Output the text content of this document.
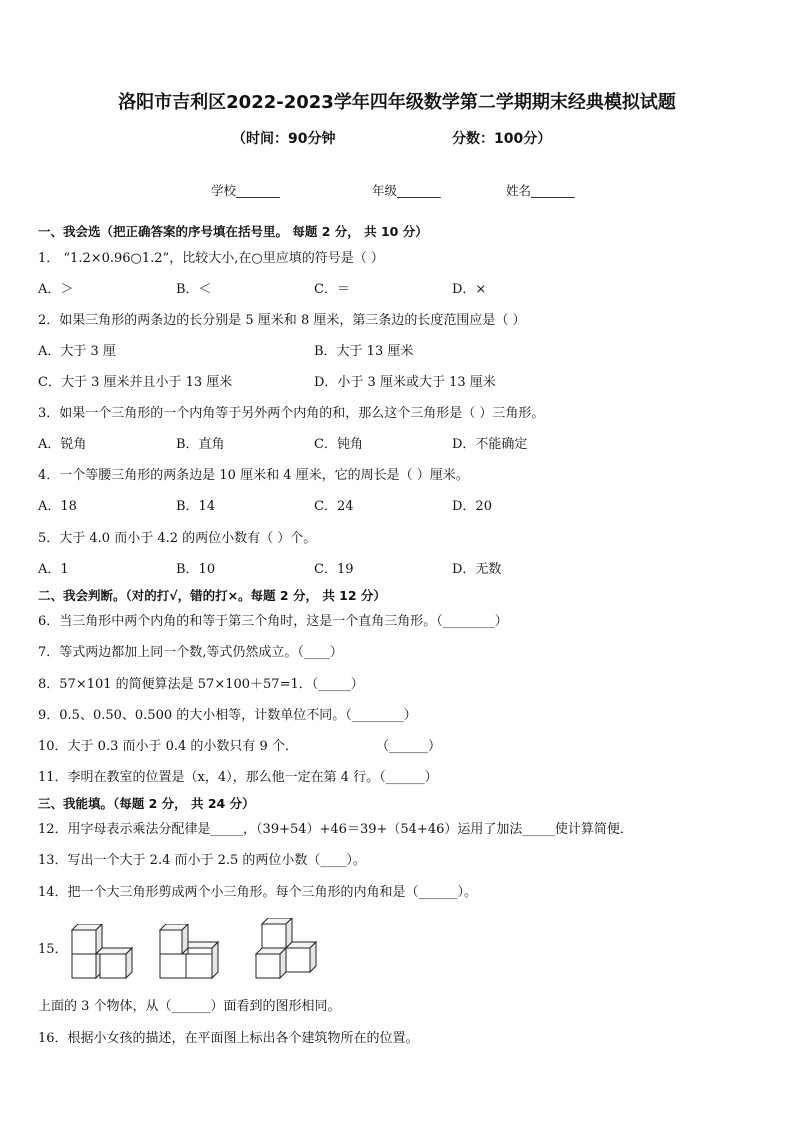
洛阳市吉利区2022-2023学年四年级数学第二学期期末经典模拟试题
（时间：90分钟	分数：100分）
学校_______	年级_______	姓名_______
一、我会选（把正确答案的序号填在括号里。 每题 2 分， 共 10 分）
1． “1.2×0.96○1.2”，比较大小,在○里应填的符号是（ ）
A．＞	B．＜	C．＝	D．×
2．如果三角形的两条边的长分别是 5 厘米和 8 厘米，第三条边的长度范围应是（ ）
A．大于 3 厘	B．大于 13 厘米
C．大于 3 厘米并且小于 13 厘米	D．小于 3 厘米或大于 13 厘米
3．如果一个三角形的一个内角等于另外两个内角的和，那么这个三角形是（ ）三角形。
A．锐角	B．直角	C．钝角	D．不能确定
4．一个等腰三角形的两条边是 10 厘米和 4 厘米，它的周长是（ ）厘米。
A．18	B．14	C．24	D．20
5．大于 4.0 而小于 4.2 的两位小数有（ ）个。
A．1	B．10	C．19	D．无数
二、我会判断。（对的打√，错的打×。每题 2 分， 共 12 分）
6．当三角形中两个内角的和等于第三个角时，这是一个直角三角形。（________）
7．等式两边都加上同一个数,等式仍然成立。（____）
8．57×101 的简便算法是 57×100＋57=1．（_____）
9．0.5、0.50、0.500 的大小相等，计数单位不同。（________）
10．大于 0.3 而小于 0.4 的小数只有 9 个．	（______）
11．李明在教室的位置是（x，4），那么他一定在第 4 行。（______）
三、我能填。（每题 2 分， 共 24 分）
12．用字母表示乘法分配律是_____，（39+54）+46＝39+（54+46）运用了加法_____使计算简便．
13．写出一个大于 2.4 而小于 2.5 的两位小数（____）。
14．把一个大三角形剪成两个小三角形。每个三角形的内角和是（______）。
15．
上面的 3 个物体，从（______）面看到的图形相同。
16．根据小女孩的描述，在平面图上标出各个建筑物所在的位置。
